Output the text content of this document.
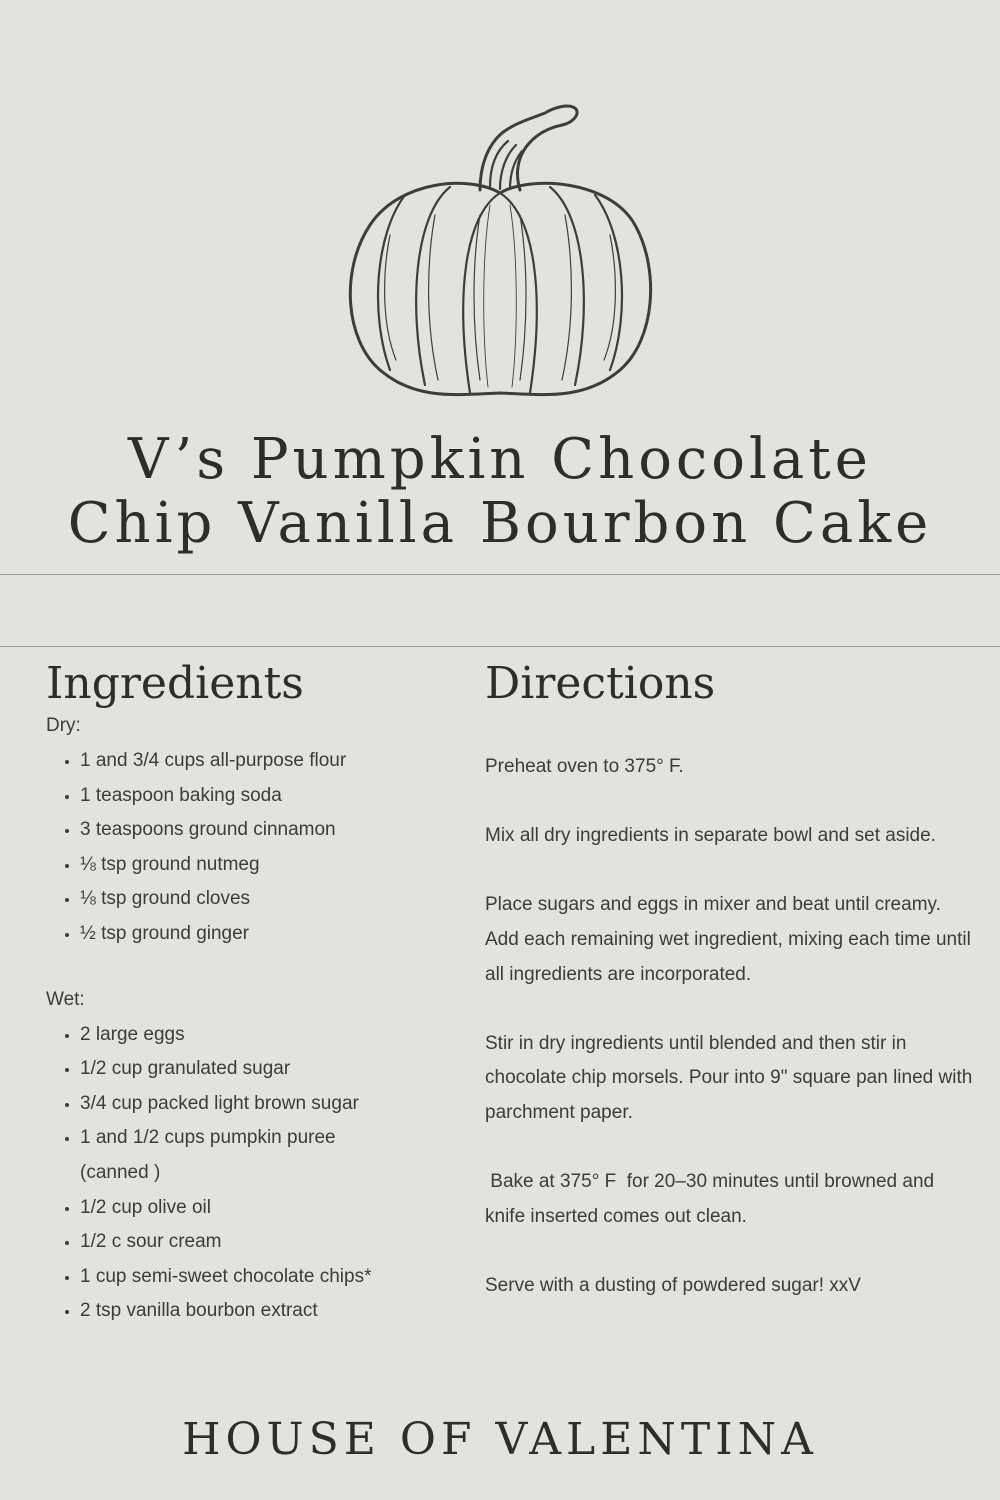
V’s Pumpkin Chocolate
Chip Vanilla Bourbon Cake
Ingredients	Directions

Dry:

• 1 and 3/4 cups all-purpose flour
• 1 teaspoon baking soda
• 3 teaspoons ground cinnamon
• ⅛ tsp ground nutmeg
• ⅛ tsp ground cloves
• ½ tsp ground ginger

Wet:

• 2 large eggs
• 1/2 cup granulated sugar
• 3/4 cup packed light brown sugar
• 1 and 1/2 cups pumpkin puree (canned )
• 1/2 cup olive oil
• 1/2 c sour cream
• 1 cup semi-sweet chocolate chips*
• 2 tsp vanilla bourbon extract

Preheat oven to 375° F.

Mix all dry ingredients in separate bowl and set aside.

Place sugars and eggs in mixer and beat until creamy. Add each remaining wet ingredient, mixing each time until all ingredients are incorporated.

Stir in dry ingredients until blended and then stir in chocolate chip morsels. Pour into 9" square pan lined with parchment paper.

Bake at 375° F  for 20–30 minutes until browned and knife inserted comes out clean.

Serve with a dusting of powdered sugar! xxV

HOUSE OF VALENTINA
